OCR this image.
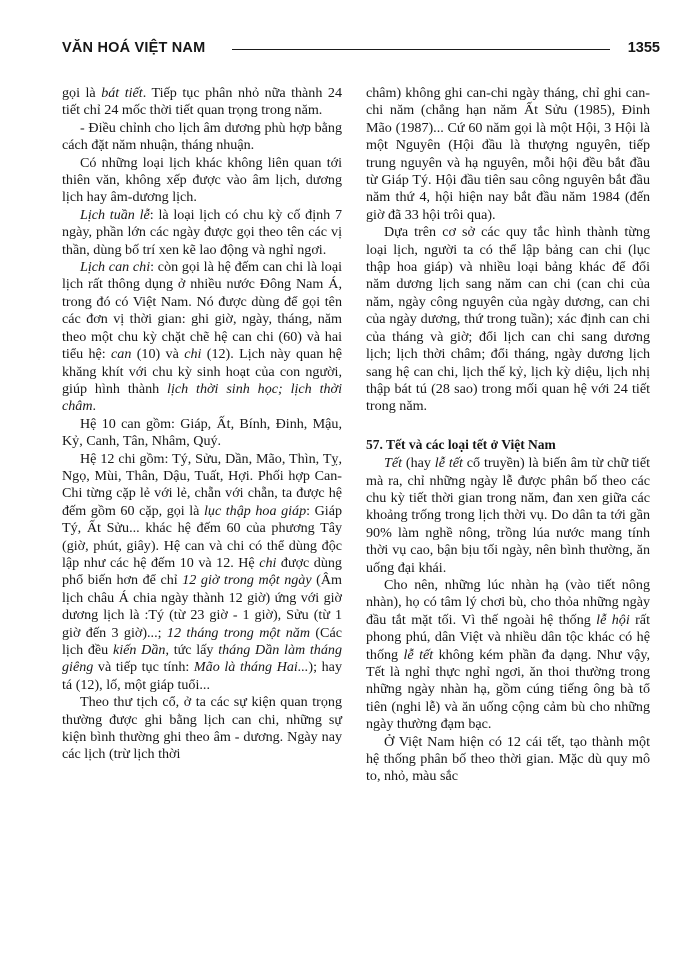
VĂN HOÁ VIỆT NAM	1355

gọi là bát tiết. Tiếp tục phân nhỏ nữa thành 24 tiết chỉ 24 mốc thời tiết quan trọng trong năm.

- Điều chỉnh cho lịch âm dương phù hợp bằng cách đặt năm nhuận, tháng nhuận.

Có những loại lịch khác không liên quan tới thiên văn, không xếp được vào âm lịch, dương lịch hay âm-dương lịch.

Lịch tuần lễ: là loại lịch có chu kỳ cố định 7 ngày, phần lớn các ngày được gọi theo tên các vị thần, dùng bố trí xen kẽ lao động và nghỉ ngơi.

Lịch can chi: còn gọi là hệ đếm can chi là loại lịch rất thông dụng ở nhiều nước Đông Nam Á, trong đó có Việt Nam. Nó được dùng để gọi tên các đơn vị thời gian: ghi giờ, ngày, tháng, năm theo một chu kỳ chặt chẽ hệ can chi (60) và hai tiểu hệ: can (10) và chi (12). Lịch này quan hệ khăng khít với chu kỳ sinh hoạt của con người, giúp hình thành lịch thời sinh học; lịch thời châm.

Hệ 10 can gồm: Giáp, Ất, Bính, Đinh, Mậu, Kỷ, Canh, Tân, Nhâm, Quý.

Hệ 12 chi gồm: Tý, Sửu, Dần, Mão, Thìn, Tỵ, Ngọ, Mùi, Thân, Dậu, Tuất, Hợi. Phối hợp Can-Chi từng cặp lẻ với lẻ, chẵn với chẵn, ta được hệ đếm gồm 60 cặp, gọi là lục thập hoa giáp: Giáp Tý, Ất Sửu... khác hệ đếm 60 của phương Tây (giờ, phút, giây). Hệ can và chi có thể dùng độc lập như các hệ đếm 10 và 12. Hệ chi được dùng phổ biến hơn để chỉ 12 giờ trong một ngày (Âm lịch châu Á chia ngày thành 12 giờ) ứng với giờ dương lịch là :Tý (từ 23 giờ - 1 giờ), Sửu (từ 1 giờ đến 3 giờ)...; 12 tháng trong một năm (Các lịch đều kiến Dần, tức lấy tháng Dần làm tháng giêng và tiếp tục tính: Mão là tháng Hai...); hay tá (12), lố, một giáp tuổi...

Theo thư tịch cổ, ở ta các sự kiện quan trọng thường được ghi bằng lịch can chi, những sự kiện bình thường ghi theo âm - dương. Ngày nay các lịch (trừ lịch thời

châm) không ghi can-chi ngày tháng, chỉ ghi can-chi năm (chẳng hạn năm Ất Sửu (1985), Đinh Mão (1987)... Cứ 60 năm gọi là một Hội, 3 Hội là một Nguyên (Hội đầu là thượng nguyên, tiếp trung nguyên và hạ nguyên, mỗi hội đều bắt đầu từ Giáp Tý. Hội đầu tiên sau công nguyên bắt đầu năm thứ 4, hội hiện nay bắt đầu năm 1984 (đến giờ đã 33 hội trôi qua).

Dựa trên cơ sở các quy tắc hình thành từng loại lịch, người ta có thể lập bảng can chi (lục thập hoa giáp) và nhiều loại bảng khác để đổi năm dương lịch sang năm can chi (can chi của năm, ngày công nguyên của ngày dương, can chi của ngày dương, thứ trong tuần); xác định can chi của tháng và giờ; đổi lịch can chi sang dương lịch; lịch thời châm; đổi tháng, ngày dương lịch sang hệ can chi, lịch thế kỷ, lịch kỳ diệu, lịch nhị thập bát tú (28 sao) trong mối quan hệ với 24 tiết trong năm.

57. Tết và các loại tết ở Việt Nam

Tết (hay lễ tết cổ truyền) là biến âm từ chữ tiết mà ra, chỉ những ngày lễ được phân bố theo các chu kỳ tiết thời gian trong năm, đan xen giữa các khoảng trống trong lịch thời vụ. Do dân ta tới gần 90% làm nghề nông, trồng lúa nước mang tính thời vụ cao, bận bịu tối ngày, nên bình thường, ăn uống đại khái.

Cho nên, những lúc nhàn hạ (vào tiết nông nhàn), họ có tâm lý chơi bù, cho thỏa những ngày đầu tắt mặt tối. Vì thế ngoài hệ thống lễ hội rất phong phú, dân Việt và nhiều dân tộc khác có hệ thống lễ tết không kém phần đa dạng. Như vậy, Tết là nghỉ thực nghỉ ngơi, ăn thoi thường trong những ngày nhàn hạ, gồm cúng tiếng ông bà tổ tiên (nghi lễ) và ăn uống cộng cảm bù cho những ngày thường đạm bạc.

Ở Việt Nam hiện có 12 cái tết, tạo thành một hệ thống phân bố theo thời gian. Mặc dù quy mô to, nhỏ, màu sắc
